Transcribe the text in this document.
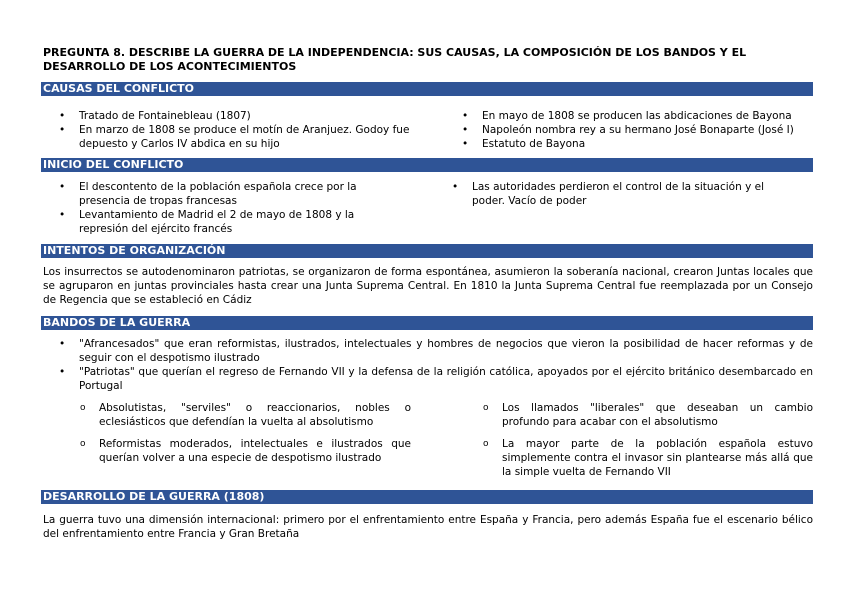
PREGUNTA 8. DESCRIBE LA GUERRA DE LA INDEPENDENCIA: SUS CAUSAS, LA COMPOSICIÓN DE LOS BANDOS Y EL DESARROLLO DE LOS ACONTECIMIENTOS
CAUSAS DEL CONFLICTO
• Tratado de Fontainebleau (1807)
• En marzo de 1808 se produce el motín de Aranjuez. Godoy fue depuesto y Carlos IV abdica en su hijo
• En mayo de 1808 se producen las abdicaciones de Bayona
• Napoleón nombra rey a su hermano José Bonaparte (José I)
• Estatuto de Bayona
INICIO DEL CONFLICTO
• El descontento de la población española crece por la presencia de tropas francesas
• Levantamiento de Madrid el 2 de mayo de 1808 y la represión del ejército francés
• Las autoridades perdieron el control de la situación y el poder. Vacío de poder
INTENTOS DE ORGANIZACIÓN
Los insurrectos se autodenominaron patriotas, se organizaron de forma espontánea, asumieron la soberanía nacional, crearon Juntas locales que se agruparon en juntas provinciales hasta crear una Junta Suprema Central. En 1810 la Junta Suprema Central fue reemplazada por un Consejo de Regencia que se estableció en Cádiz
BANDOS DE LA GUERRA
• "Afrancesados" que eran reformistas, ilustrados, intelectuales y hombres de negocios que vieron la posibilidad de hacer reformas y de seguir con el despotismo ilustrado
• "Patriotas" que querían el regreso de Fernando VII y la defensa de la religión católica, apoyados por el ejército británico desembarcado en Portugal
o Absolutistas, "serviles" o reaccionarios, nobles o eclesiásticos que defendían la vuelta al absolutismo
o Reformistas moderados, intelectuales e ilustrados que querían volver a una especie de despotismo ilustrado
o Los llamados "liberales" que deseaban un cambio profundo para acabar con el absolutismo
o La mayor parte de la población española estuvo simplemente contra el invasor sin plantearse más allá que la simple vuelta de Fernando VII
DESARROLLO DE LA GUERRA (1808)
La guerra tuvo una dimensión internacional: primero por el enfrentamiento entre España y Francia, pero además España fue el escenario bélico del enfrentamiento entre Francia y Gran Bretaña
